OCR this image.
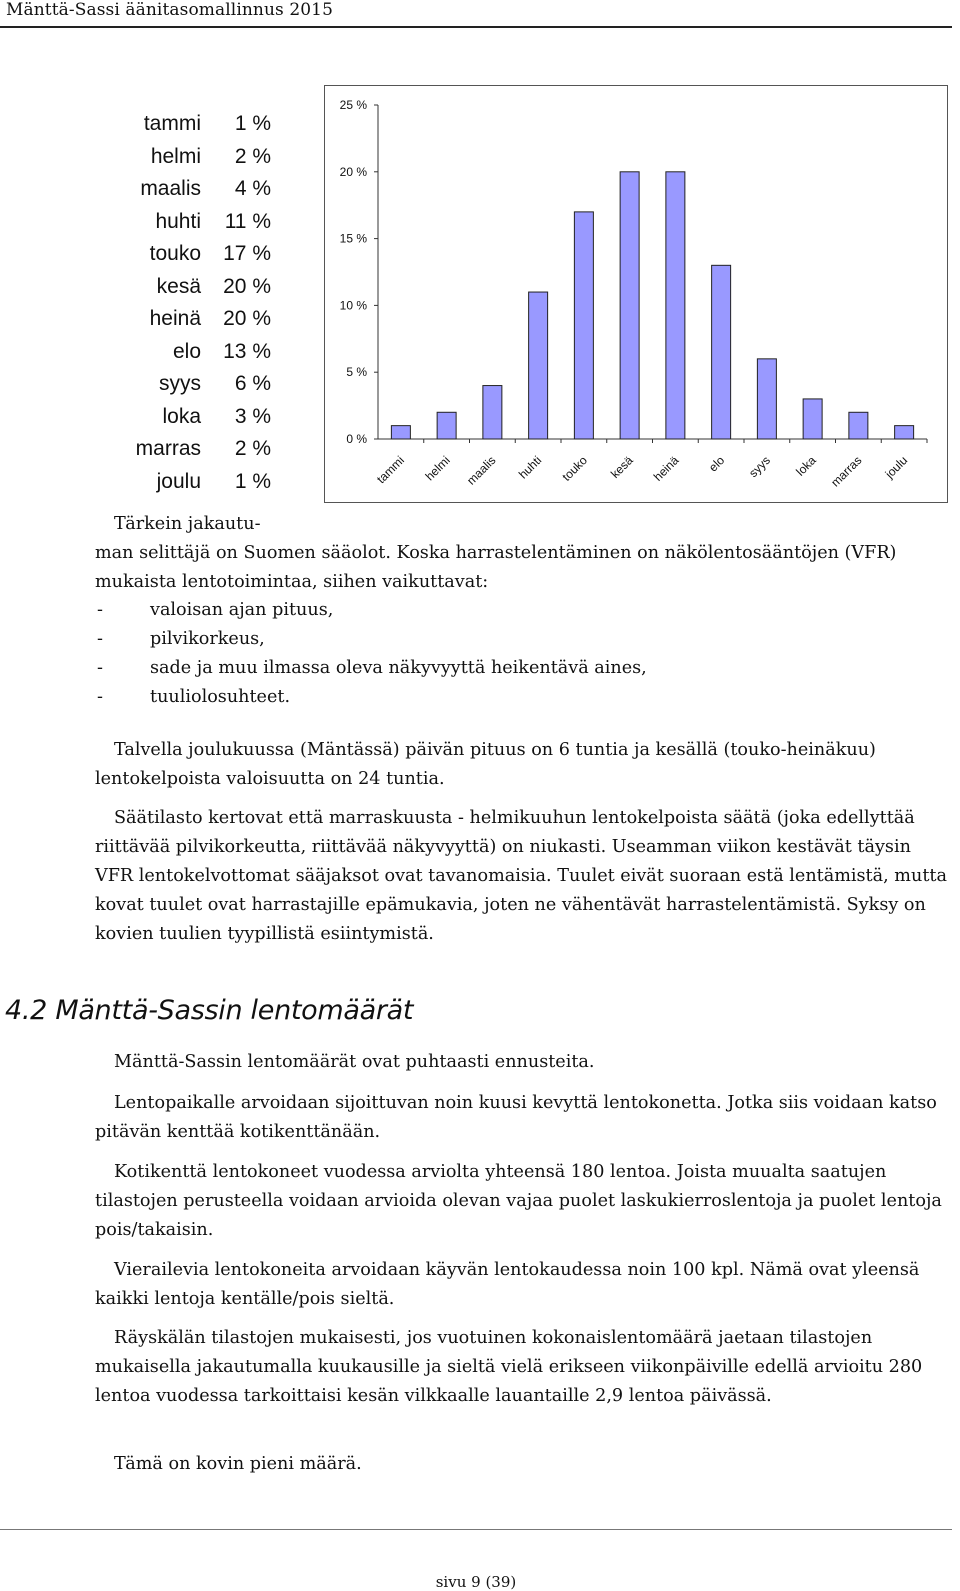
Mänttä-Sassi äänitasomallinnus 2015
tammi	1 %
helmi	2 %
maalis	4 %
huhti	11 %
touko	17 %
kesä	20 %
heinä	20 %
elo	13 %
syys	6 %
loka	3 %
marras	2 %
joulu	1 %
0 %
5 %
10 %
15 %
20 %
25 %
tammi helmi maalis huhti touko kesä heinä elo syys loka marras joulu
Tärkein jakautu-
man selittäjä on Suomen sääolot. Koska harrastelentäminen on näkölentosääntöjen (VFR) mukaista lentotoimintaa, siihen vaikuttavat:
-	valoisan ajan pituus,
-	pilvikorkeus,
-	sade ja muu ilmassa oleva näkyvyyttä heikentävä aines,
-	tuuliolosuhteet.
Talvella joulukuussa (Mäntässä) päivän pituus on 6 tuntia ja kesällä (touko-heinäkuu) lentokelpoista valoisuutta on 24 tuntia.
Säätilasto kertovat että marraskuusta - helmikuuhun lentokelpoista säätä (joka edellyttää riittävää pilvikorkeutta, riittävää näkyvyyttä) on niukasti. Useamman viikon kestävät täysin VFR lentokelvottomat sääjaksot ovat tavanomaisia. Tuulet eivät suoraan estä lentämistä, mutta kovat tuulet ovat harrastajille epämukavia, joten ne vähentävät harrastelentämistä. Syksy on kovien tuulien tyypillistä esiintymistä.
4.2 Mänttä-Sassin lentomäärät
Mänttä-Sassin lentomäärät ovat puhtaasti ennusteita.
Lentopaikalle arvoidaan sijoittuvan noin kuusi kevyttä lentokonetta. Jotka siis voidaan katso pitävän kenttää kotikenttänään.
Kotikenttä lentokoneet vuodessa arviolta yhteensä 180 lentoa. Joista muualta saatujen tilastojen perusteella voidaan arvioida olevan vajaa puolet laskukierroslentoja ja puolet lentoja pois/takaisin.
Vierailevia lentokoneita arvoidaan käyvän lentokaudessa noin 100 kpl. Nämä ovat yleensä kaikki lentoja kentälle/pois sieltä.
Räyskälän tilastojen mukaisesti, jos vuotuinen kokonaislentomäärä jaetaan tilastojen mukaisella jakautumalla kuukausille ja sieltä vielä erikseen viikonpäiville edellä arvioitu 280 lentoa vuodessa tarkoittaisi kesän vilkkaalle lauantaille 2,9 lentoa päivässä.
Tämä on kovin pieni määrä.
sivu 9 (39)
